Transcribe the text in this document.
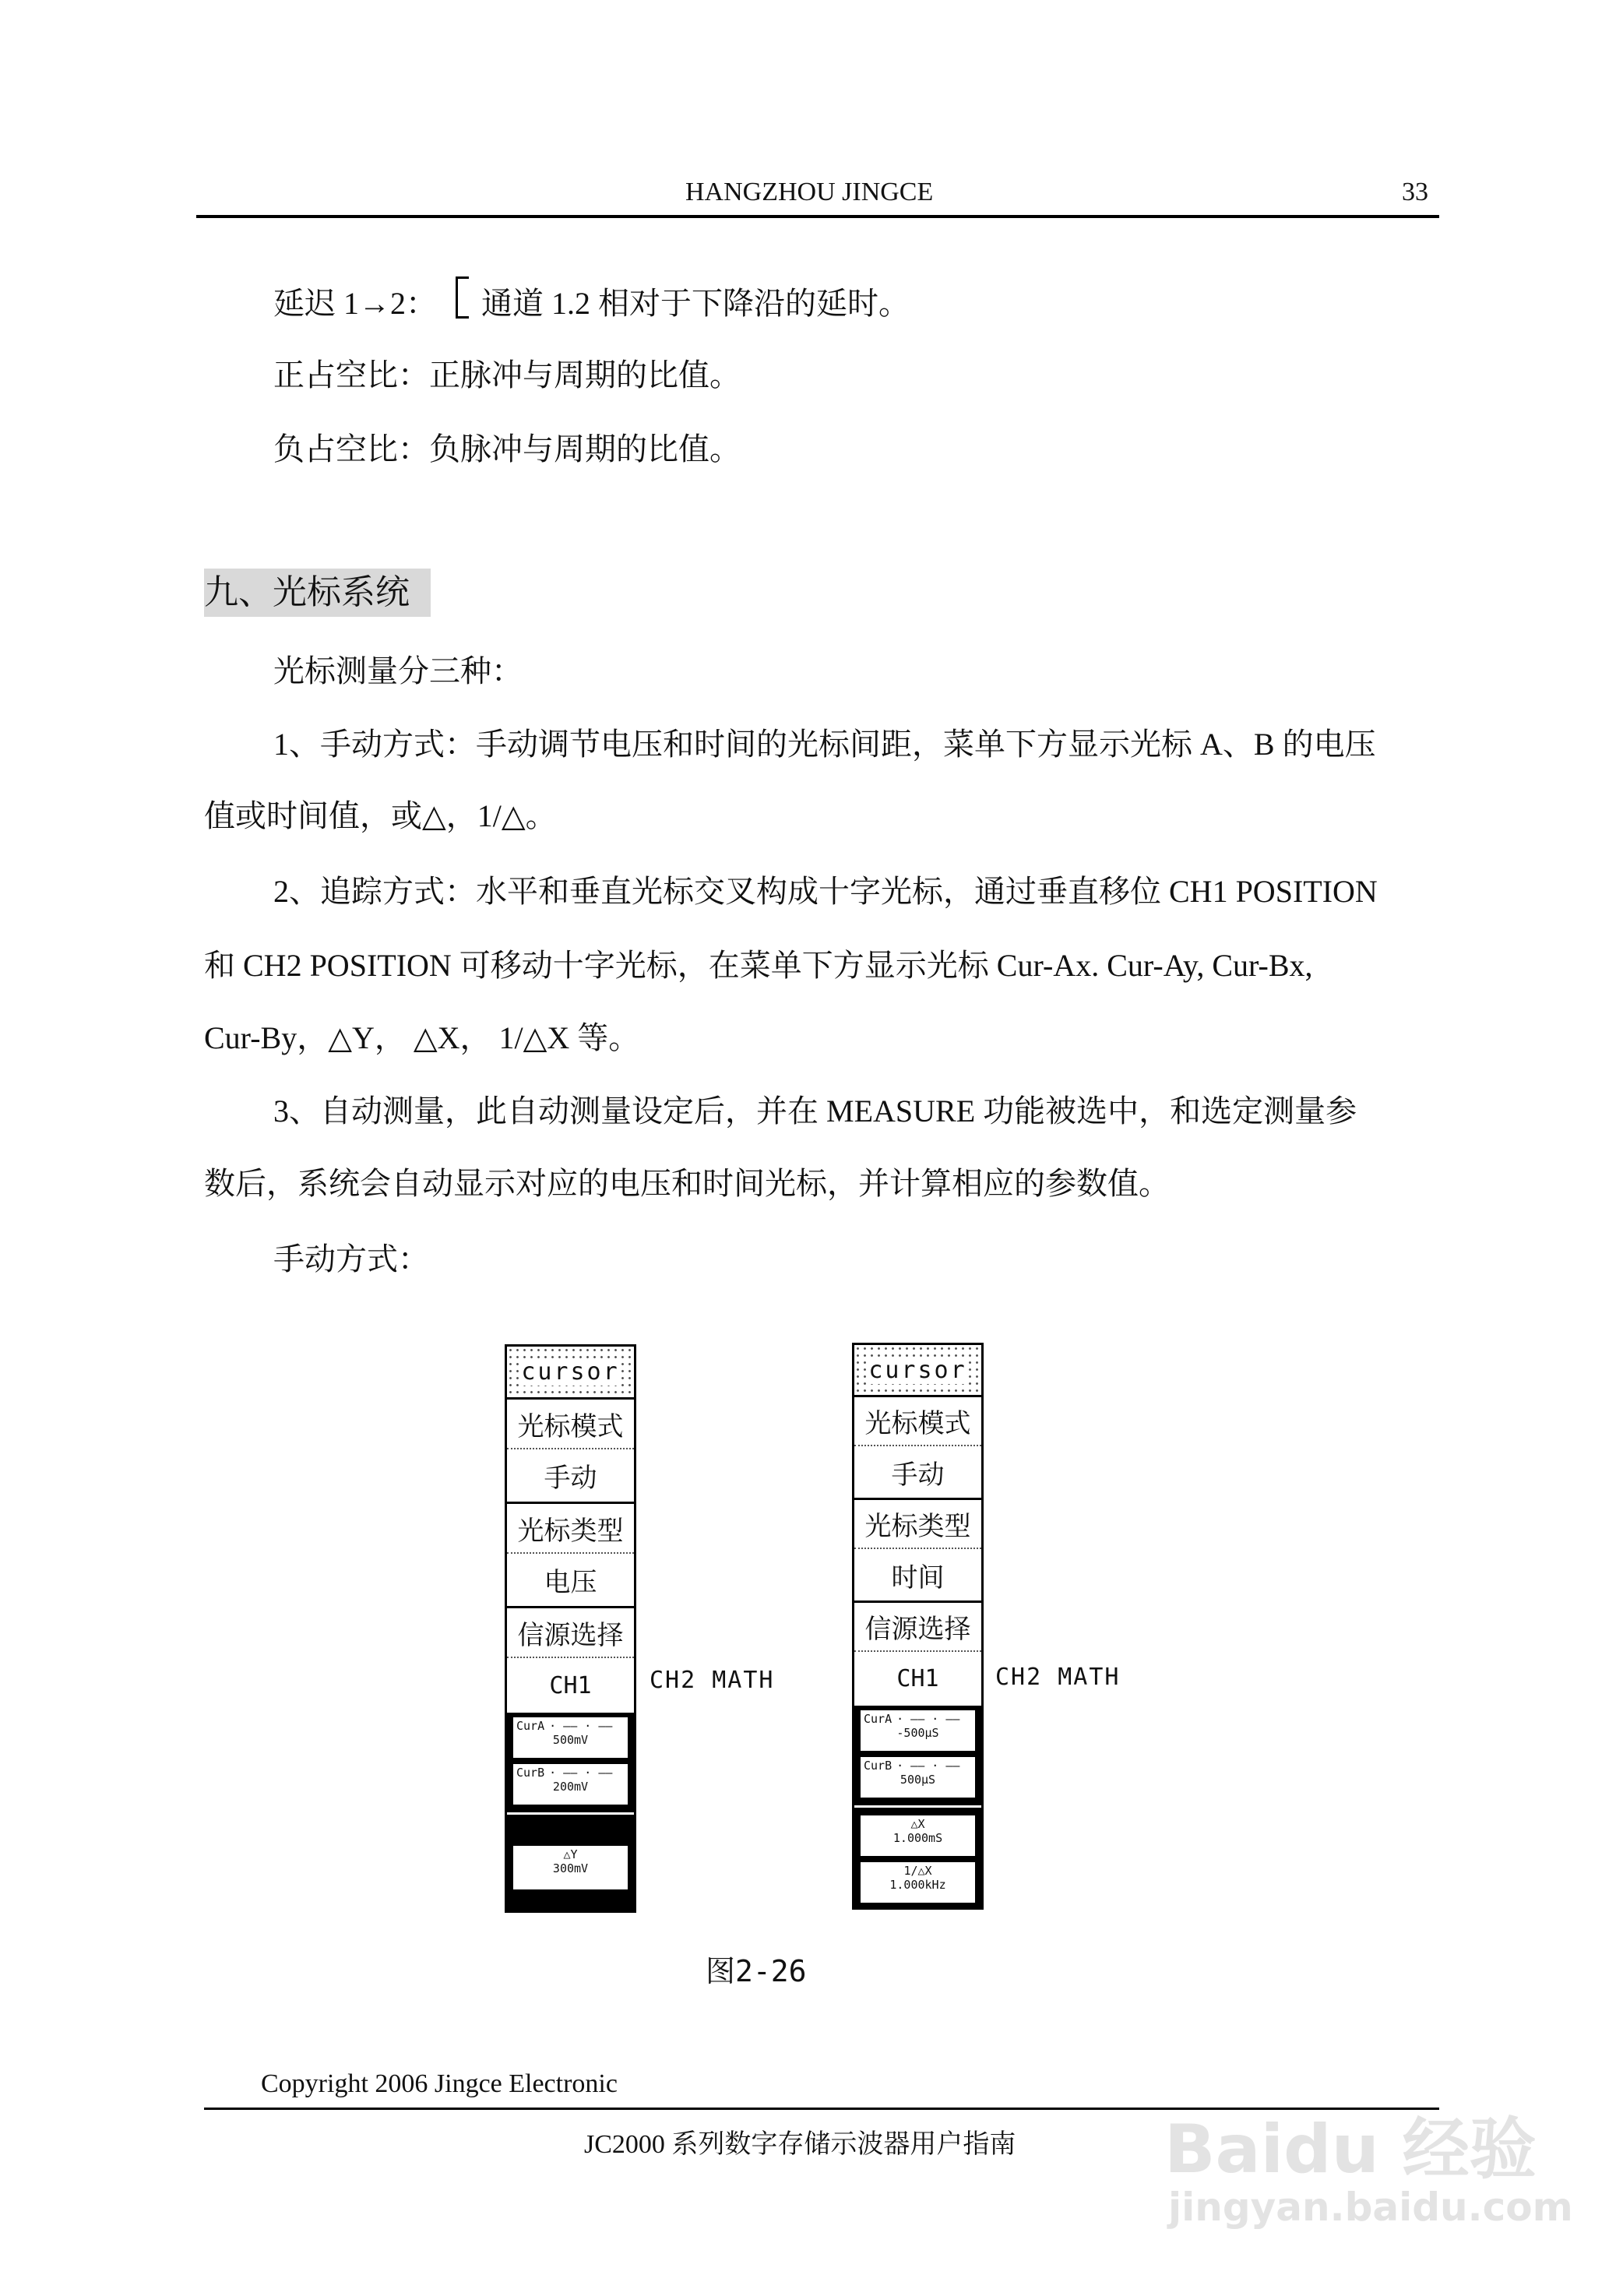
HANGZHOU JINGCE	33
延迟 1→2： 通道 1.2 相对于下降沿的延时。
正占空比：正脉冲与周期的比值。
负占空比：负脉冲与周期的比值。
九、光标系统
光标测量分三种：
1、手动方式：手动调节电压和时间的光标间距，菜单下方显示光标 A、B 的电压
值或时间值，或△，1/△。
2、追踪方式：水平和垂直光标交叉构成十字光标，通过垂直移位 CH1 POSITION
和 CH2 POSITION 可移动十字光标，在菜单下方显示光标 Cur-Ax. Cur-Ay, Cur-Bx,
Cur-By，△Y， △X， 1/△X 等。
3、自动测量，此自动测量设定后，并在 MEASURE 功能被选中，和选定测量参
数后，系统会自动显示对应的电压和时间光标，并计算相应的参数值。
手动方式：
cursor
光标模式
手动
光标类型
电压
信源选择
CH1
CurA · —— · ——
500mV
CurB · —— · ——
200mV
△Y
300mV
CH2 MATH
cursor
光标模式
手动
光标类型
时间
信源选择
CH1
CurA · —— · ——
-500μS
CurB · —— · ——
500μS
△X
1.000mS
1/△X
1.000kHz
CH2 MATH
图2-26
Copyright 2006 Jingce Electronic
JC2000 系列数字存储示波器用户指南 Baidu 经验
jingyan.baidu.com
